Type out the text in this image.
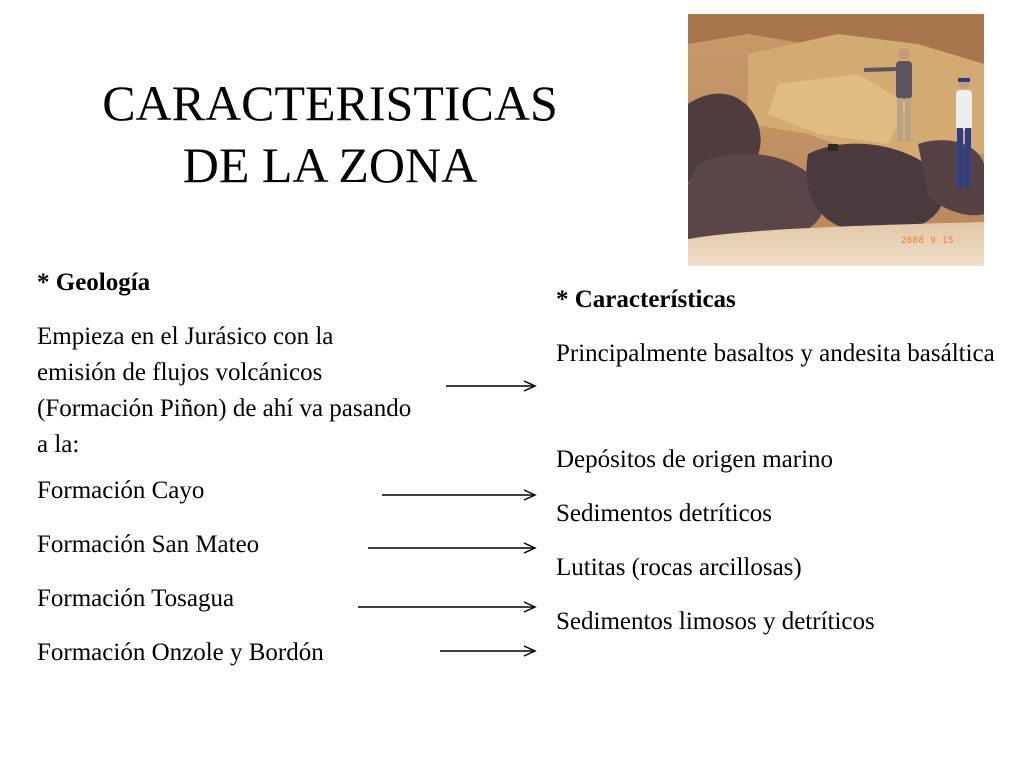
CARACTERISTICAS
DE LA ZONA
2008 9 15

* Geología

Empieza en el Jurásico con la emisión de flujos volcánicos (Formación Piñon) de ahí va pasando a la:

Formación Cayo

Formación San Mateo

Formación Tosagua

Formación Onzole y Bordón

* Características

Principalmente basaltos y andesita basáltica

Depósitos de origen marino

Sedimentos detríticos

Lutitas (rocas arcillosas)

Sedimentos limosos y detríticos
